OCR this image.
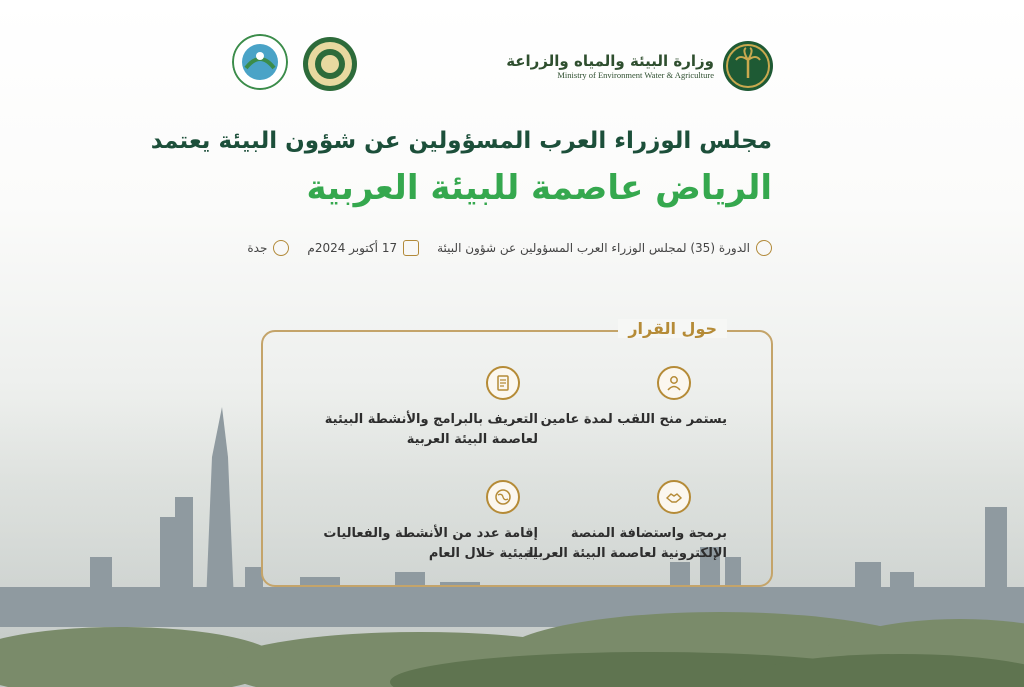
وزارة البيئة والمياه والزراعة
Ministry of Environment Water & Agriculture
مجلس الوزراء العرب المسؤولين عن شؤون البيئة يعتمد
الرياض عاصمة للبيئة العربية
الدورة (35) لمجلس الوزراء العرب المسؤولين عن شؤون البيئة
17 أكتوبر 2024م
جدة
حول القرار
يستمر منح اللقب لمدة عامين
التعريف بالبرامج والأنشطة البيئية لعاصمة البيئة العربية
برمجة واستضافة المنصة الإلكترونية لعاصمة البيئة العربية
إقامة عدد من الأنشطة والفعاليات البيئية خلال العام
